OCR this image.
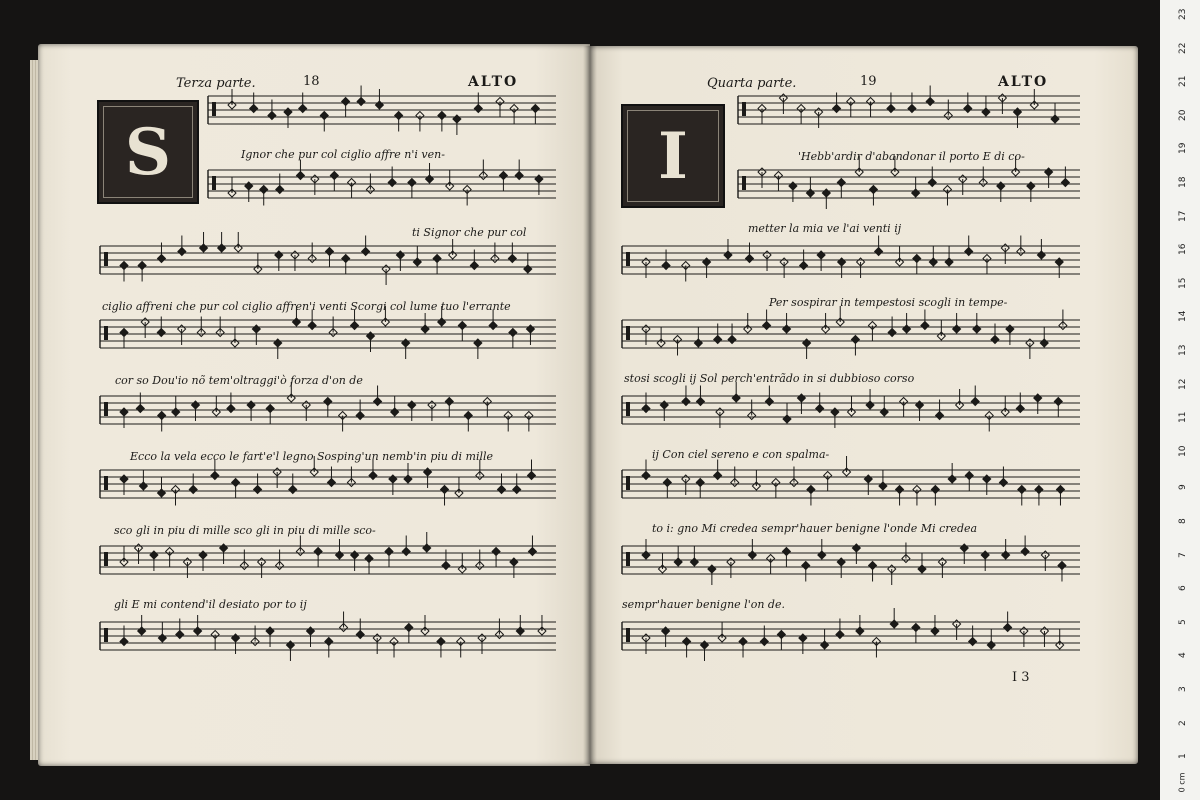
Terza parte.	18	ALTO	Quarta parte.	19	ALTO
S	I
Ignor che pur col ciglio affre n'i ven-
ti Signor che pur col
ciglio affreni che pur col ciglio affren'i venti Scorgi col lume tuo l'errante
cor so Dou'io nõ tem'oltraggi'ò forza d'on de
Ecco la vela ecco le fart'e'l legno Sosping'un nemb'in piu di mille
sco gli in piu di mille sco gli in piu di mille sco-
gli E mi contend'il desiato por to ij
'Hebb'ardir d'abandonar il porto E di co-
metter la mia ve l'ai venti ij
Per sospirar in tempestosi scogli in tempe-
stosi scogli ij Sol perch'entrãdo in si dubbioso corso
ij Con ciel sereno e con spalma-
to i: gno Mi credea sempr'hauer benigne l'onde Mi credea
sempr'hauer benigne l'on de.
I 3
23
22
21
20
19
18
17
16
15
14
13
12
11
10
9
8
7
6
5
4
3
2
1
0 cm
